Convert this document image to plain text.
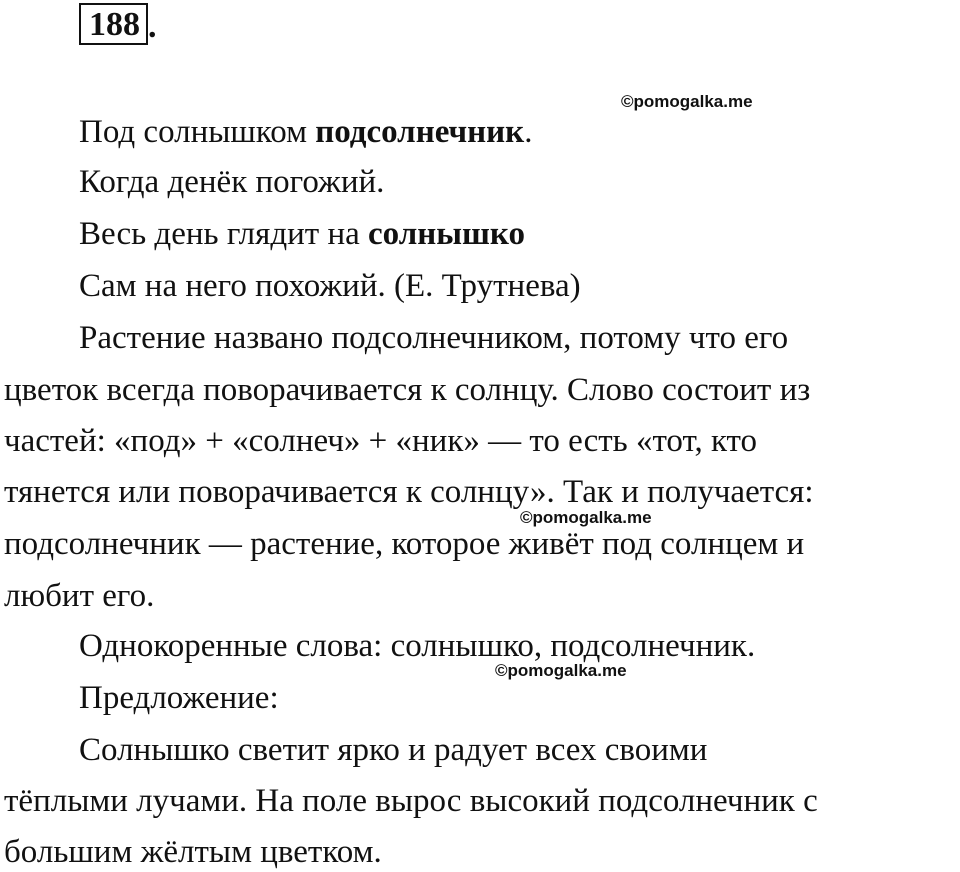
188 .
©pomogalka.me
Под солнышком подсолнечник.
Когда денёк погожий.
Весь день глядит на солнышко
Сам на него похожий. (Е. Трутнева)
Растение названо подсолнечником, потому что его
цветок всегда поворачивается к солнцу. Слово состоит из
частей: «под» + «солнеч» + «ник» — то есть «тот, кто
тянется или поворачивается к солнцу». Так и получается:
©pomogalka.me
подсолнечник — растение, которое живёт под солнцем и
любит его.
Однокоренные слова: солнышко, подсолнечник.
©pomogalka.me
Предложение:
Солнышко светит ярко и радует всех своими
тёплыми лучами. На поле вырос высокий подсолнечник с
большим жёлтым цветком.
